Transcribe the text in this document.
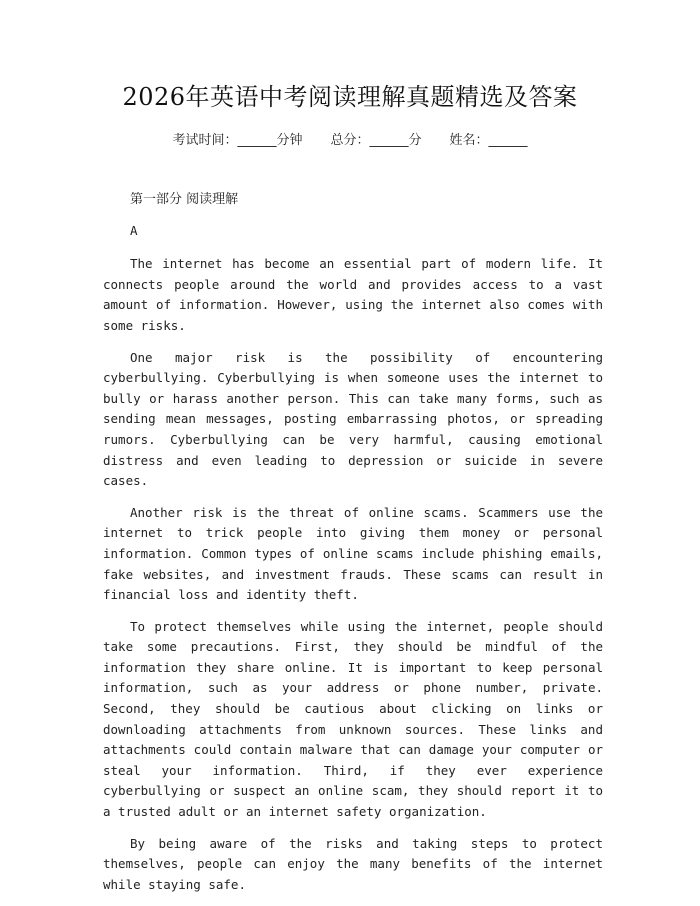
2026年英语中考阅读理解真题精选及答案
考试时间：______分钟 总分：______分 姓名：______

第一部分 阅读理解

A

The internet has become an essential part of modern life. It connects people around the world and provides access to a vast amount of information. However, using the internet also comes with some risks.

One major risk is the possibility of encountering cyberbullying. Cyberbullying is when someone uses the internet to bully or harass another person. This can take many forms, such as sending mean messages, posting embarrassing photos, or spreading rumors. Cyberbullying can be very harmful, causing emotional distress and even leading to depression or suicide in severe cases.

Another risk is the threat of online scams. Scammers use the internet to trick people into giving them money or personal information. Common types of online scams include phishing emails, fake websites, and investment frauds. These scams can result in financial loss and identity theft.

To protect themselves while using the internet, people should take some precautions. First, they should be mindful of the information they share online. It is important to keep personal information, such as your address or phone number, private. Second, they should be cautious about clicking on links or downloading attachments from unknown sources. These links and attachments could contain malware that can damage your computer or steal your information. Third, if they ever experience cyberbullying or suspect an online scam, they should report it to a trusted adult or an internet safety organization.

By being aware of the risks and taking steps to protect themselves, people can enjoy the many benefits of the internet while staying safe.
